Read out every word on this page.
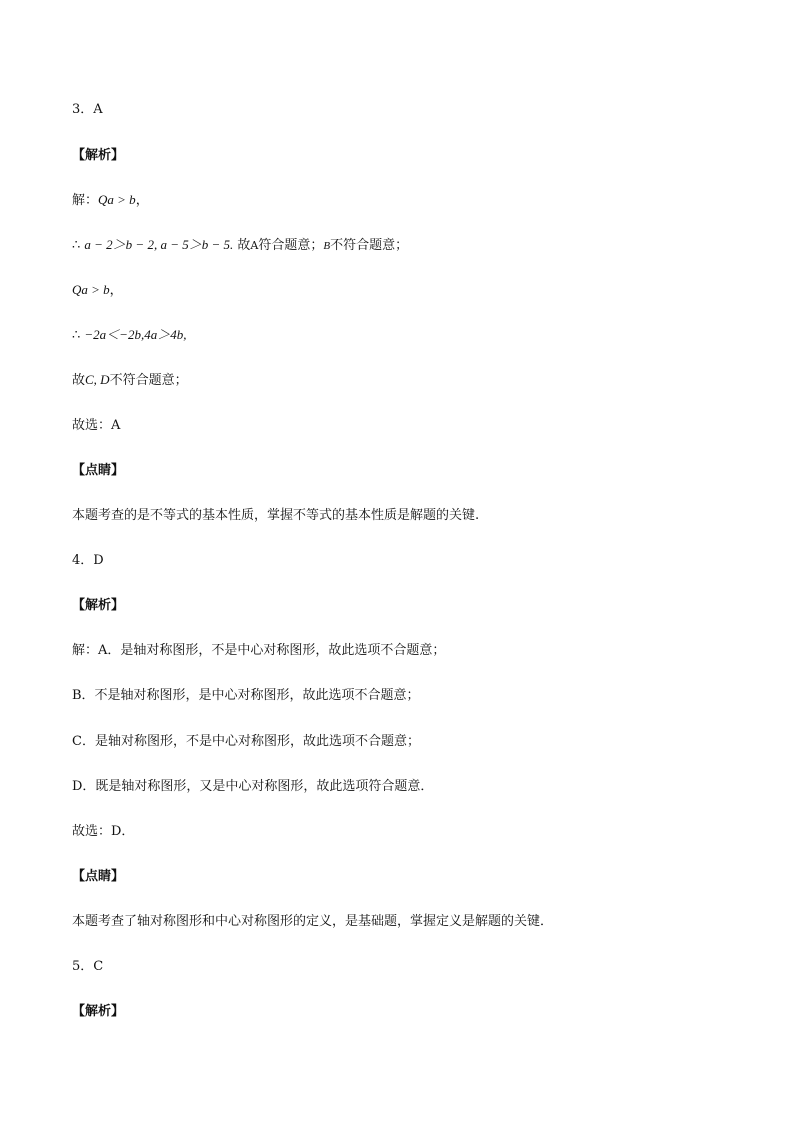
3．A
【解析】
解：Qa > b，
∴ a − 2＞b − 2, a − 5＞b − 5. 故A符合题意；B不符合题意；
Qa > b，
∴ −2a＜−2b,4a＞4b,
故C, D不符合题意；
故选：A
【点睛】
本题考查的是不等式的基本性质，掌握不等式的基本性质是解题的关键.
4．D
【解析】
解：A．是轴对称图形，不是中心对称图形，故此选项不合题意；
B．不是轴对称图形，是中心对称图形，故此选项不合题意；
C．是轴对称图形，不是中心对称图形，故此选项不合题意；
D．既是轴对称图形，又是中心对称图形，故此选项符合题意．
故选：D．
【点睛】
本题考查了轴对称图形和中心对称图形的定义，是基础题，掌握定义是解题的关键．
5．C
【解析】
